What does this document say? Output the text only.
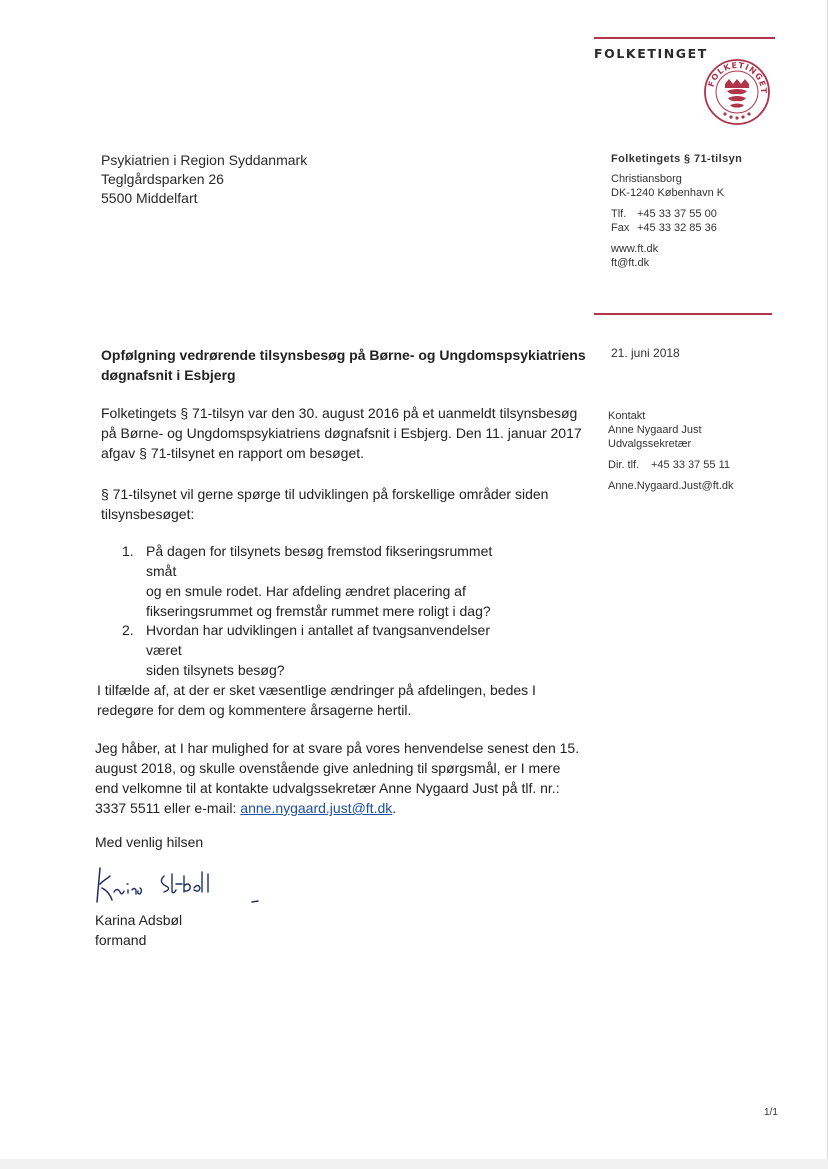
FOLKETINGET
FOLKETINGET
Psykiatrien i Region Syddanmark
Teglgårdsparken 26
5500 Middelfart
Folketingets § 71-tilsyn
Christiansborg
DK-1240 København K
Tlf. +45 33 37 55 00
Fax +45 33 32 85 36
www.ft.dk
ft@ft.dk
Opfølgning vedrørende tilsynsbesøg på Børne- og Ungdomspsykiatriens
døgnafsnit i Esbjerg
21. juni 2018
Kontakt
Anne Nygaard Just
Udvalgssekretær
Dir. tlf. +45 33 37 55 11
Anne.Nygaard.Just@ft.dk
Folketingets § 71-tilsyn var den 30. august 2016 på et uanmeldt tilsynsbesøg
på Børne- og Ungdomspsykiatriens døgnafsnit i Esbjerg. Den 11. januar 2017
afgav § 71-tilsynet en rapport om besøget.
§ 71-tilsynet vil gerne spørge til udviklingen på forskellige områder siden
tilsynsbesøget:
1. På dagen for tilsynets besøg fremstod fikseringsrummet småt
og en smule rodet. Har afdeling ændret placering af
fikseringsrummet og fremstår rummet mere roligt i dag?
2. Hvordan har udviklingen i antallet af tvangsanvendelser været
siden tilsynets besøg?
I tilfælde af, at der er sket væsentlige ændringer på afdelingen, bedes I
redegøre for dem og kommentere årsagerne hertil.
Jeg håber, at I har mulighed for at svare på vores henvendelse senest den 15.
august 2018, og skulle ovenstående give anledning til spørgsmål, er I mere
end velkomne til at kontakte udvalgssekretær Anne Nygaard Just på tlf. nr.:
3337 5511 eller e-mail: anne.nygaard.just@ft.dk.
Med venlig hilsen
Karina Adsbøl
formand
1/1
